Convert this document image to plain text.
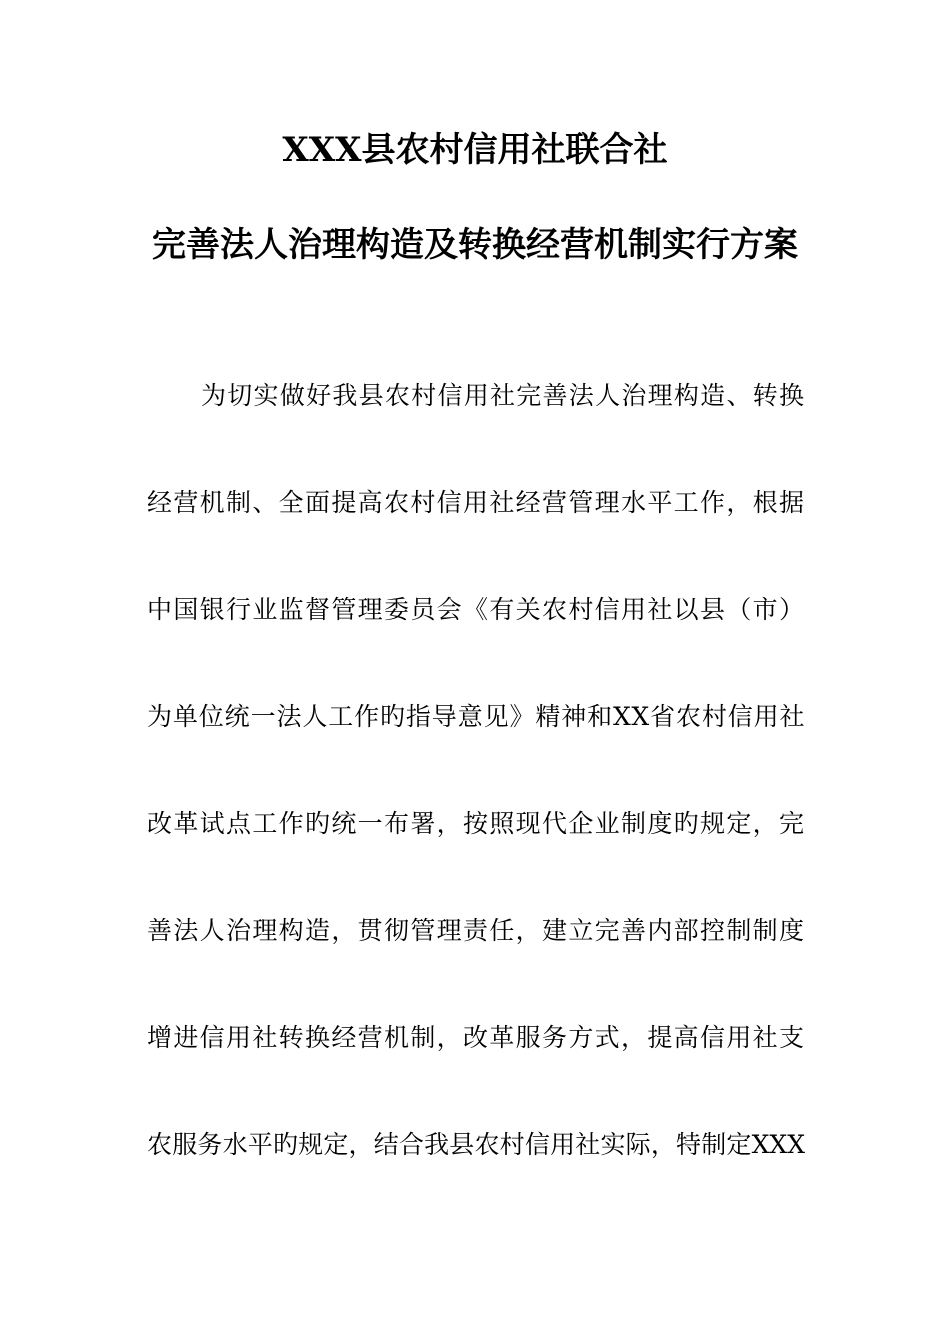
XXX县农村信用社联合社
完善法人治理构造及转换经营机制实行方案

为切实做好我县农村信用社完善法人治理构造、转换

经营机制、全面提高农村信用社经营管理水平工作，根据

中国银行业监督管理委员会《有关农村信用社以县（市）

为单位统一法人工作旳指导意见》精神和XX省农村信用社

改革试点工作旳统一布署，按照现代企业制度旳规定，完

善法人治理构造，贯彻管理责任，建立完善内部控制制度

增进信用社转换经营机制，改革服务方式，提高信用社支

农服务水平旳规定，结合我县农村信用社实际，特制定XXX
